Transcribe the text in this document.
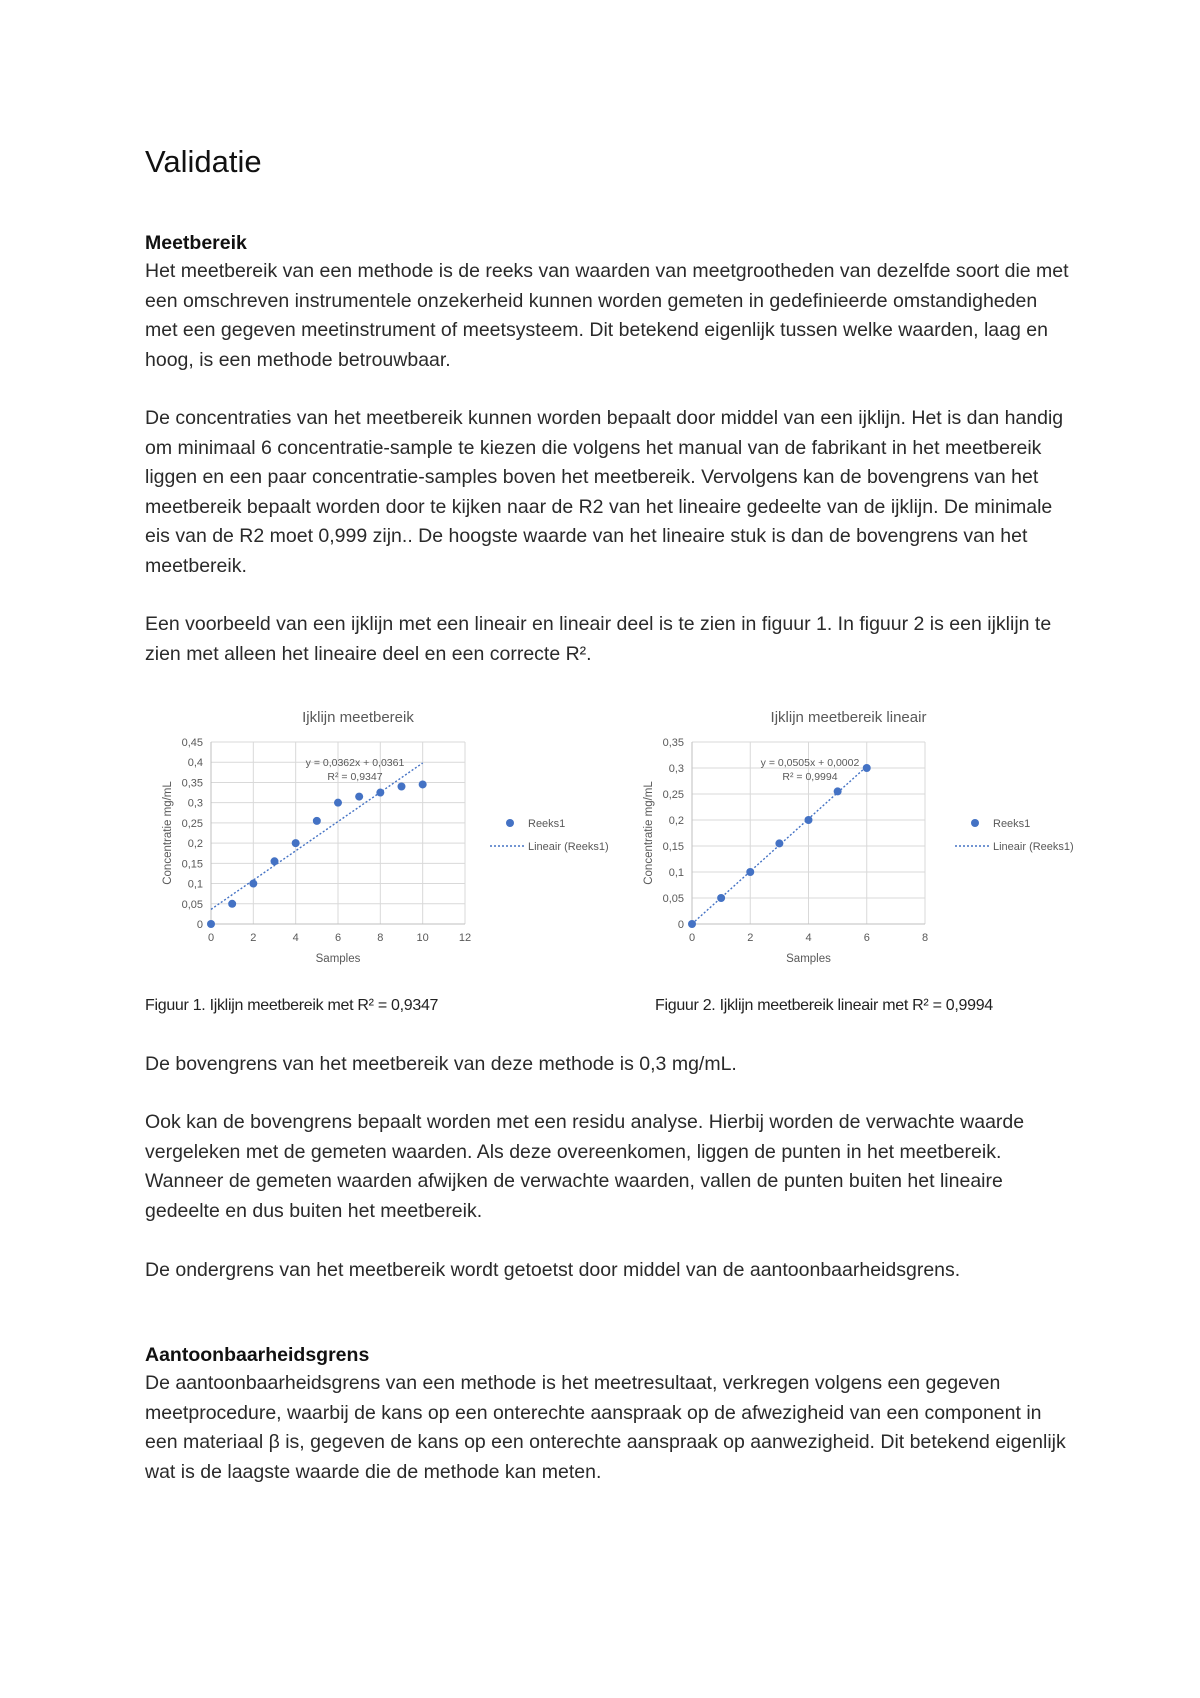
Validatie
Meetbereik

Het meetbereik van een methode is de reeks van waarden van meetgrootheden van dezelfde soort die met een omschreven instrumentele onzekerheid kunnen worden gemeten in gedefinieerde omstandigheden met een gegeven meetinstrument of meetsysteem. Dit betekend eigenlijk tussen welke waarden, laag en hoog, is een methode betrouwbaar.

De concentraties van het meetbereik kunnen worden bepaalt door middel van een ijklijn. Het is dan handig om minimaal 6 concentratie-sample te kiezen die volgens het manual van de fabrikant in het meetbereik liggen en een paar concentratie-samples boven het meetbereik. Vervolgens kan de bovengrens van het meetbereik bepaalt worden door te kijken naar de R2 van het lineaire gedeelte van de ijklijn. De minimale eis van de R2 moet 0,999 zijn.. De hoogste waarde van het lineaire stuk is dan de bovengrens van het meetbereik.

Een voorbeeld van een ijklijn met een lineair en lineair deel is te zien in figuur 1. In figuur 2 is een ijklijn te zien met alleen het lineaire deel en een correcte R².

Ijklijn meetbereik
0
0,05
0,1
0,15
0,2
0,25
0,3
0,35
0,4
0,45
0	2	4	6	8	10	12
Samples
Concentratie mg/mL
y = 0,0362x + 0,0361
R² = 0,9347
Reeks1
Lineair (Reeks1)
Ijklijn meetbereik lineair
0
0,05
0,1
0,15
0,2
0,25
0,3
0,35
0	2	4	6	8
Samples
Concentratie mg/mL
y = 0,0505x + 0,0002
R² = 0,9994
Reeks1
Lineair (Reeks1)
Figuur 1. Ijklijn meetbereik met R² = 0,9347	Figuur 2. Ijklijn meetbereik lineair met R² = 0,9994

De bovengrens van het meetbereik van deze methode is 0,3 mg/mL.

Ook kan de bovengrens bepaalt worden met een residu analyse. Hierbij worden de verwachte waarde vergeleken met de gemeten waarden. Als deze overeenkomen, liggen de punten in het meetbereik. Wanneer de gemeten waarden afwijken de verwachte waarden, vallen de punten buiten het lineaire gedeelte en dus buiten het meetbereik.

De ondergrens van het meetbereik wordt getoetst door middel van de aantoonbaarheidsgrens.

Aantoonbaarheidsgrens

De aantoonbaarheidsgrens van een methode is het meetresultaat, verkregen volgens een gegeven meetprocedure, waarbij de kans op een onterechte aanspraak op de afwezigheid van een component in een materiaal β is, gegeven de kans op een onterechte aanspraak op aanwezigheid. Dit betekend eigenlijk wat is de laagste waarde die de methode kan meten.
